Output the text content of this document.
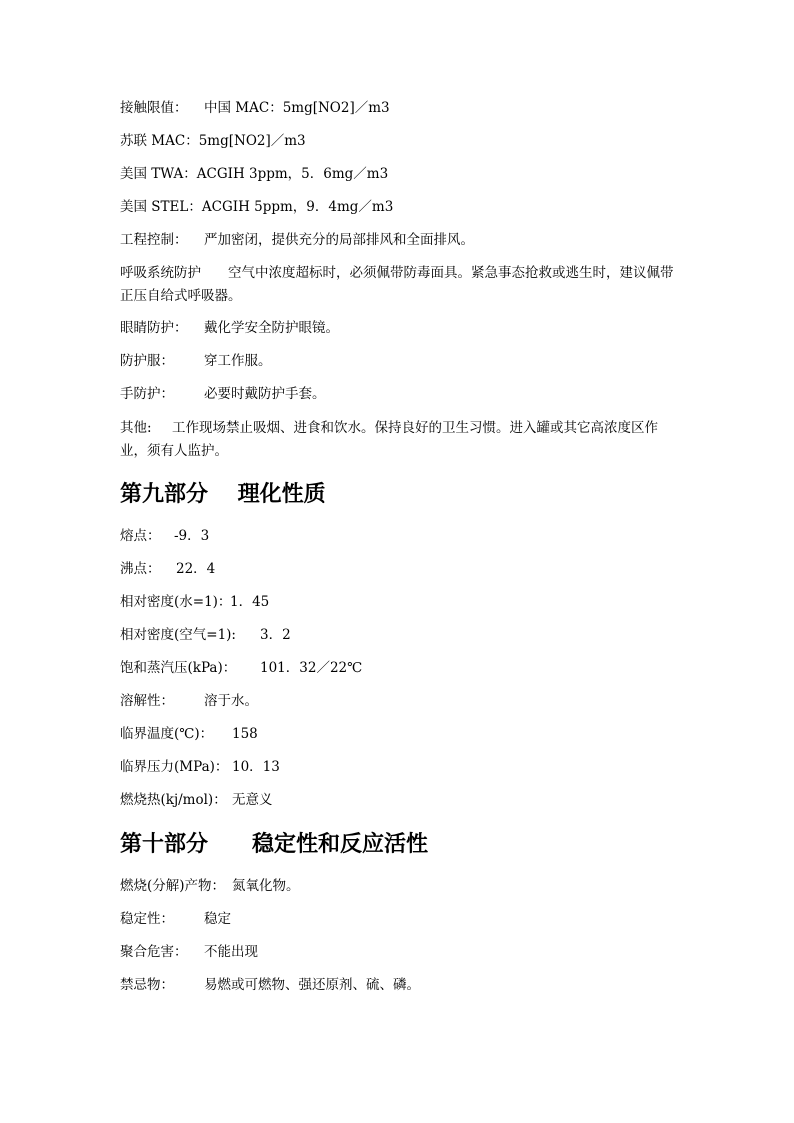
接触限值： 中国 MAC：5mg[NO2]／m3
苏联 MAC：5mg[NO2]／m3
美国 TWA：ACGIH 3ppm，5．6mg／m3
美国 STEL：ACGIH 5ppm，9．4mg／m3
工程控制： 严加密闭，提供充分的局部排风和全面排风。
呼吸系统防护 空气中浓度超标时，必须佩带防毒面具。紧急事态抢救或逃生时，建议佩带正压自给式呼吸器。
眼睛防护： 戴化学安全防护眼镜。
防护服： 穿工作服。
手防护： 必要时戴防护手套。
其他: 工作现场禁止吸烟、进食和饮水。保持良好的卫生习惯。进入罐或其它高浓度区作业，须有人监护。
第九部分　 理化性质
熔点： -9．3
沸点： 22．4
相对密度(水=1)：1．45
相对密度(空气=1): 3．2
饱和蒸汽压(kPa)： 101．32／22℃
溶解性： 溶于水。
临界温度(℃)： 158
临界压力(MPa)： 10．13
燃烧热(kj/mol)： 无意义
第十部分　　稳定性和反应活性
燃烧(分解)产物： 氮氧化物。
稳定性： 稳定
聚合危害： 不能出现
禁忌物： 易燃或可燃物、强还原剂、硫、磷。
